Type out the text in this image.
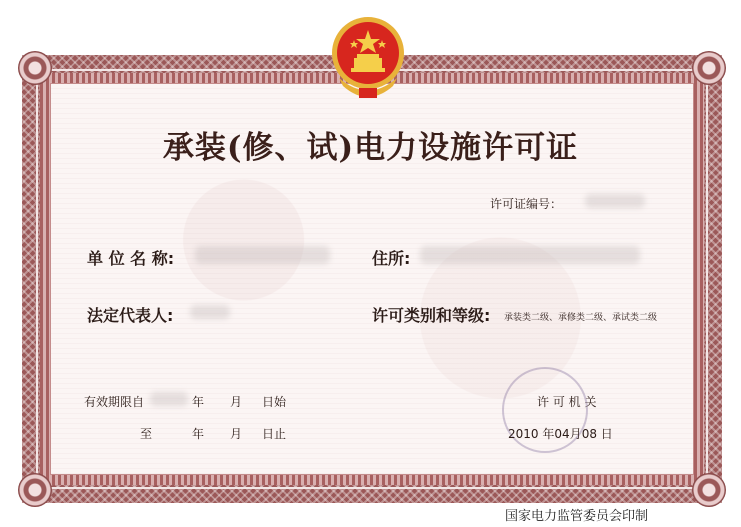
承装(修、试)电力设施许可证
许可证编号：
单 位 名 称:	住所:
法定代表人:	许可类别和等级: 承装类二级、承修类二级、承试类二级
有效期限自	年 月 日始
至	年 月 日止
许 可 机 关
2010 年04月08 日
国家电力监管委员会印制
